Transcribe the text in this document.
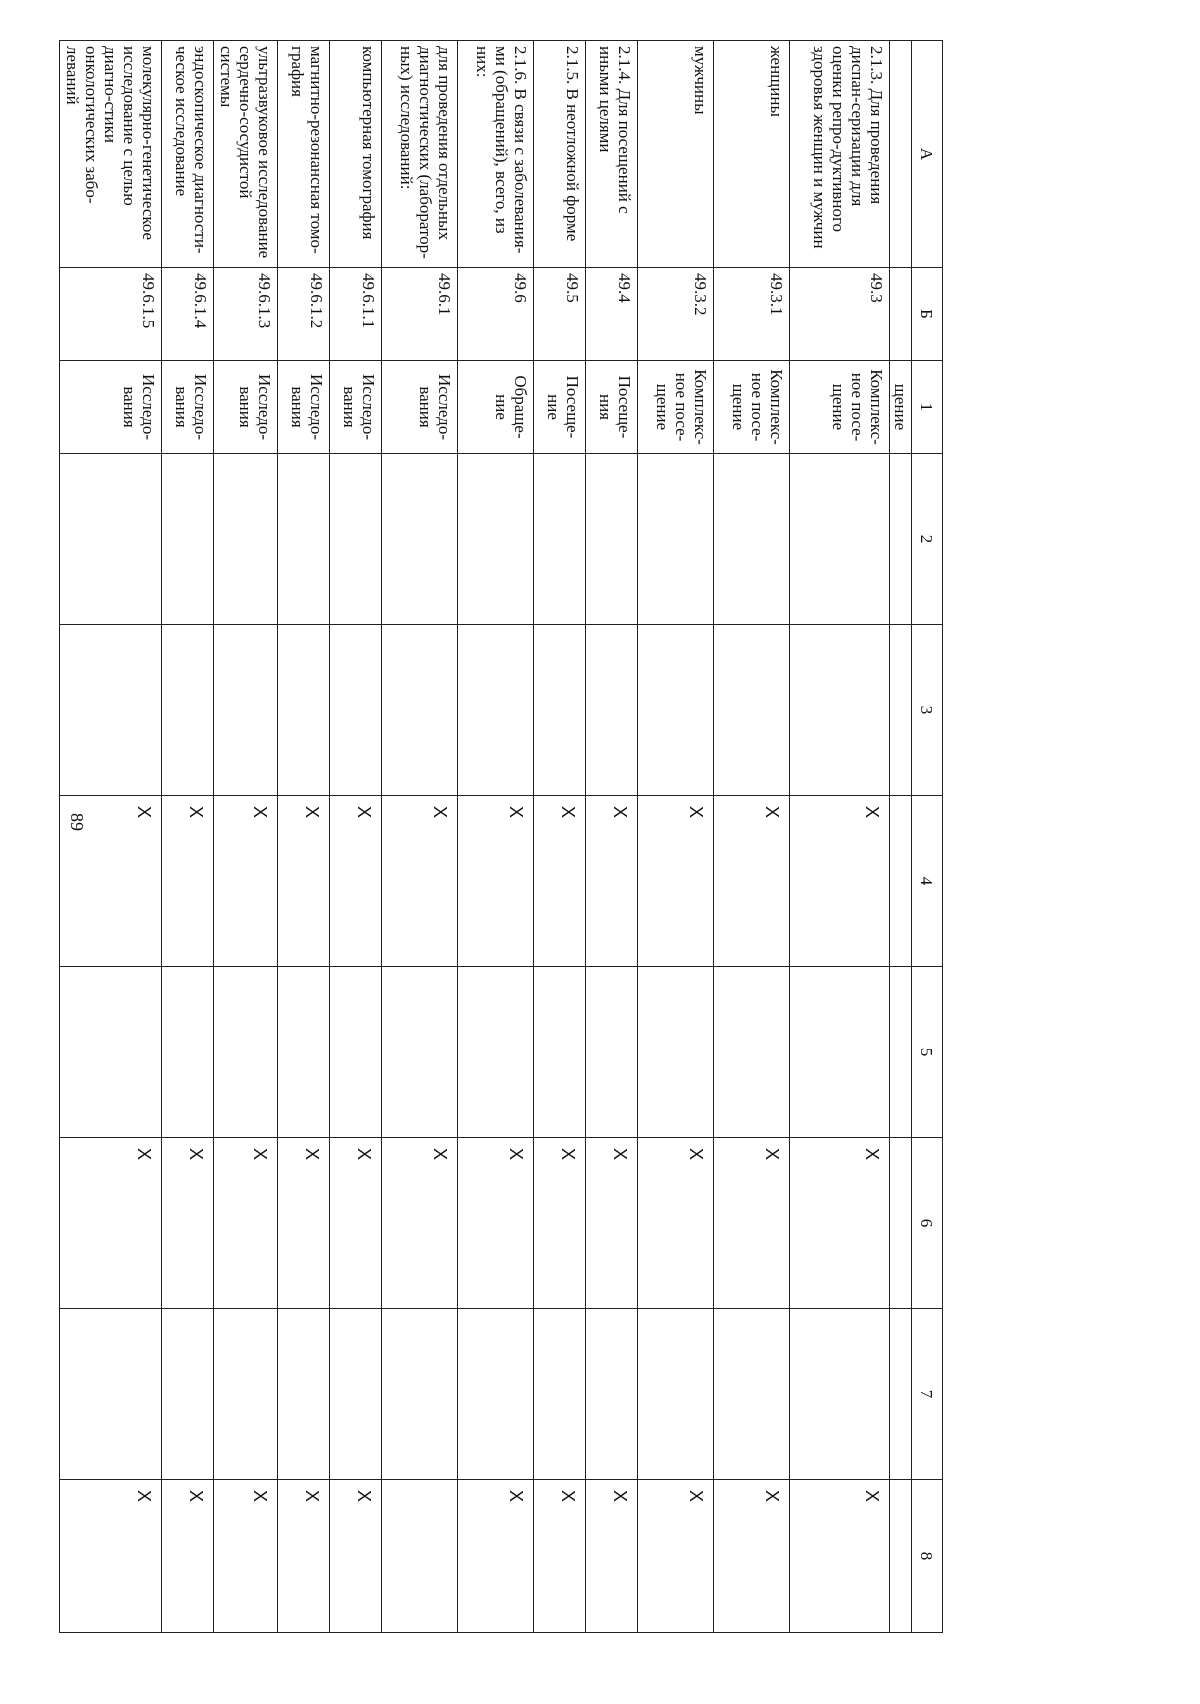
89
А	Б	1	2	3	4	5	6	7	8
		щение							
2.1.3. Для проведения диспан-серизации для оценки репро-дуктивного здоровья женщин и мужчин	49.3	Комплекс-ное посе-щение			X		X		X
женщины	49.3.1	Комплекс-ное посе-щение			X		X		X
мужчины	49.3.2	Комплекс-ное посе-щение			X		X		X
2.1.4. Для посещений с иными целями	49.4	Посеще-ния			X		X		X
2.1.5. В неотложной форме	49.5	Посеще-ние			X		X		X
2.1.6. В связи с заболевания-ми (обращений), всего, из них:	49.6	Обраще-ние			X		X		X
для проведения отдельных диагностических (лаборатор-ных) исследований:	49.6.1	Исследо-вания			X		X		
компьютерная томография	49.6.1.1	Исследо-вания			X		X		X
магнитно-резонансная томо-графия	49.6.1.2	Исследо-вания			X		X		X
ультразвуковое исследование сердечно-сосудистой системы	49.6.1.3	Исследо-вания			X		X		X
эндоскопическое диагности-ческое исследование	49.6.1.4	Исследо-вания			X		X		X
молекулярно-генетическое исследование с целью диагно-стики онкологических забо-леваний	49.6.1.5	Исследо-вания			X		X		X
